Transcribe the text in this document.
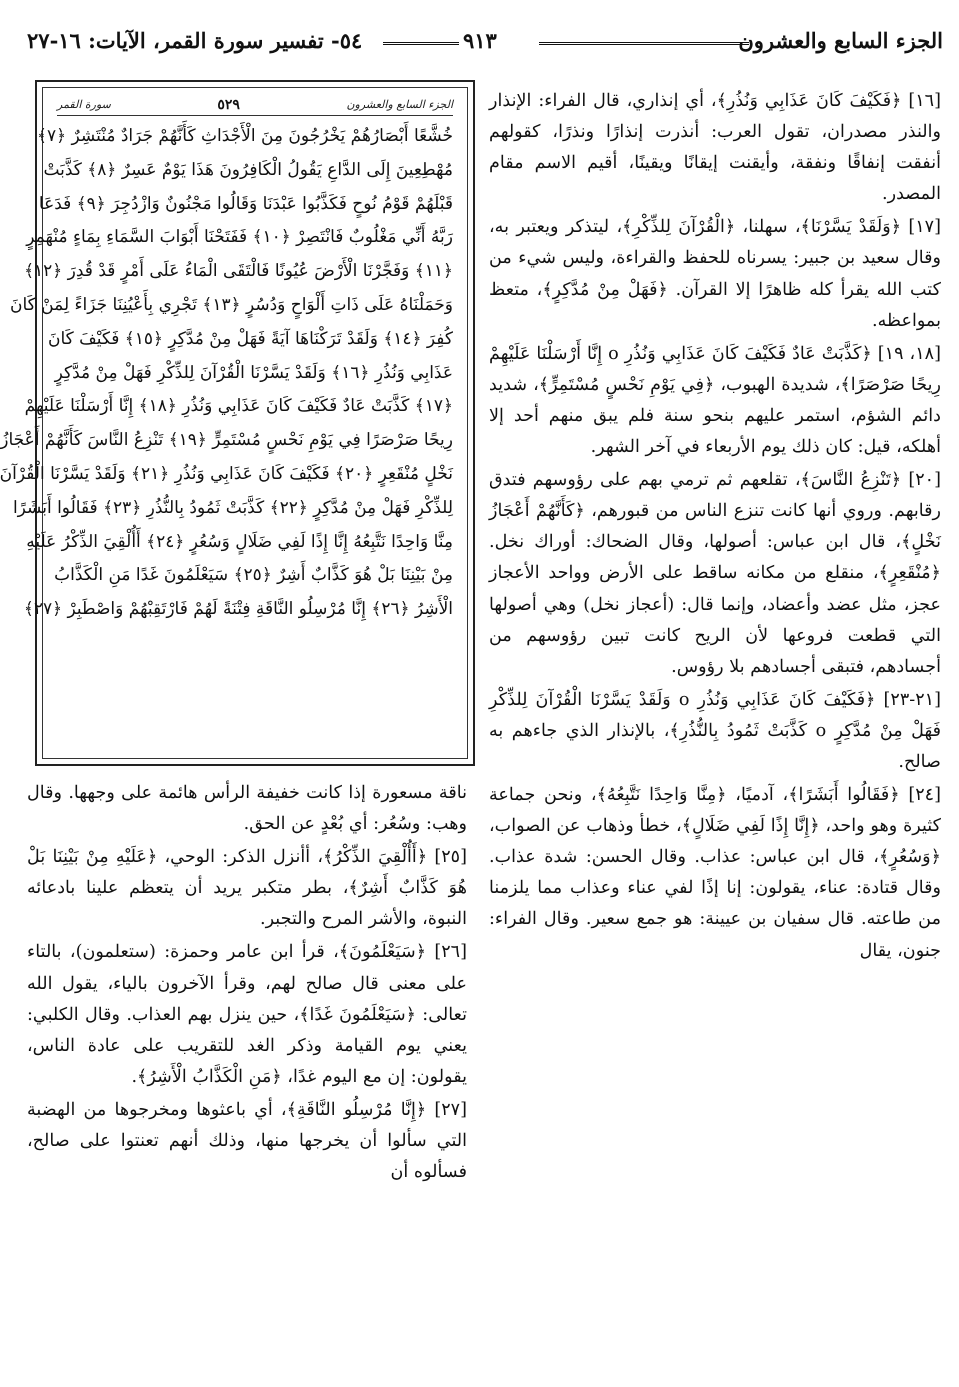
الجزء السابع والعشرون
٩١٣
٥٤- تفسير سورة القمر، الآيات: ١٦-٢٧

[١٦] ﴿فَكَيْفَ كَانَ عَذَابِي وَنُذُرِ﴾، أي إنذاري، قال الفراء: الإنذار والنذر مصدران، تقول العرب: أنذرت إنذارًا ونذرًا، كقولهم أنفقت إنفاقًا ونفقة، وأيقنت إيقانًا ويقينًا، أقيم الاسم مقام المصدر.

[١٧] ﴿وَلَقَدْ يَسَّرْنَا﴾، سهلنا، ﴿الْقُرْآنَ لِلذِّكْرِ﴾، ليتذكر ويعتبر به، وقال سعيد بن جبير: يسرناه للحفظ والقراءة، وليس شيء من كتب الله يقرأ كله ظاهرًا إلا القرآن. ﴿فَهَلْ مِنْ مُدَّكِرٍ﴾، متعظ بمواعظه.

[١٨، ١٩] ﴿كَذَّبَتْ عَادٌ فَكَيْفَ كَانَ عَذَابِي وَنُذُرِ o إِنَّا أَرْسَلْنَا عَلَيْهِمْ رِيحًا صَرْصَرًا﴾، شديدة الهبوب، ﴿فِي يَوْمِ نَحْسٍ مُسْتَمِرٍّ﴾، شديد دائم الشؤم، استمر عليهم بنحو سنة فلم يبق منهم أحد إلا أهلكه، قيل: كان ذلك يوم الأربعاء في آخر الشهر.

[٢٠] ﴿تَنْزِعُ النَّاسَ﴾، تقلعهم ثم ترمي بهم على رؤوسهم فتدق رقابهم. وروي أنها كانت تنزع الناس من قبورهم، ﴿كَأَنَّهُمْ أَعْجَازُ نَخْلٍ﴾، قال ابن عباس: أصولها، وقال الضحاك: أوراك نخل. ﴿مُنْقَعِرٍ﴾، منقلع من مكانه ساقط على الأرض وواحد الأعجاز عجز، مثل عضد وأعضاد، وإنما قال: (أعجاز نخل) وهي أصولها التي قطعت فروعها لأن الريح كانت تبين رؤوسهم من أجسادهم، فتبقى أجسادهم بلا رؤوس.

[٢١-٢٣] ﴿فَكَيْفَ كَانَ عَذَابِي وَنُذُرِ o وَلَقَدْ يَسَّرْنَا الْقُرْآنَ لِلذِّكْرِ فَهَلْ مِنْ مُدَّكِرٍ o كَذَّبَتْ ثَمُودُ بِالنُّذُرِ﴾، بالإنذار الذي جاءهم به صالح.

[٢٤] ﴿فَقَالُوا أَبَشَرًا﴾، آدميًا، ﴿مِنَّا وَاحِدًا نَتَّبِعُهُ﴾، ونحن جماعة كثيرة وهو واحد، ﴿إِنَّا إِذًا لَفِي ضَلَالٍ﴾، خطأ وذهاب عن الصواب، ﴿وَسُعُرٍ﴾، قال ابن عباس: عذاب. وقال الحسن: شدة عذاب. وقال قتادة: عناء، يقولون: إنا إذًا لفي عناء وعذاب مما يلزمنا من طاعته. قال سفيان بن عيينة: هو جمع سعير. وقال الفراء: جنون، يقال

الجزء السابع والعشرون
٥٢٩
سورة القمر
خُشَّعًا أَبْصَارُهُمْ يَخْرُجُونَ مِنَ الْأَجْدَاثِ كَأَنَّهُمْ جَرَادٌ مُنْتَشِرٌ ﴿٧﴾
مُهْطِعِينَ إِلَى الدَّاعِ يَقُولُ الْكَافِرُونَ هَذَا يَوْمٌ عَسِرٌ ﴿٨﴾ كَذَّبَتْ
قَبْلَهُمْ قَوْمُ نُوحٍ فَكَذَّبُوا عَبْدَنَا وَقَالُوا مَجْنُونٌ وَازْدُجِرَ ﴿٩﴾ فَدَعَا
رَبَّهُ أَنِّي مَغْلُوبٌ فَانْتَصِرْ ﴿١٠﴾ فَفَتَحْنَا أَبْوَابَ السَّمَاءِ بِمَاءٍ مُنْهَمِرٍ
﴿١١﴾ وَفَجَّرْنَا الْأَرْضَ عُيُونًا فَالْتَقَى الْمَاءُ عَلَى أَمْرٍ قَدْ قُدِرَ ﴿١٢﴾
وَحَمَلْنَاهُ عَلَى ذَاتِ أَلْوَاحٍ وَدُسُرٍ ﴿١٣﴾ تَجْرِي بِأَعْيُنِنَا جَزَاءً لِمَنْ كَانَ
كُفِرَ ﴿١٤﴾ وَلَقَدْ تَرَكْنَاهَا آيَةً فَهَلْ مِنْ مُدَّكِرٍ ﴿١٥﴾ فَكَيْفَ كَانَ
عَذَابِي وَنُذُرِ ﴿١٦﴾ وَلَقَدْ يَسَّرْنَا الْقُرْآنَ لِلذِّكْرِ فَهَلْ مِنْ مُدَّكِرٍ
﴿١٧﴾ كَذَّبَتْ عَادٌ فَكَيْفَ كَانَ عَذَابِي وَنُذُرِ ﴿١٨﴾ إِنَّا أَرْسَلْنَا عَلَيْهِمْ
رِيحًا صَرْصَرًا فِي يَوْمِ نَحْسٍ مُسْتَمِرٍّ ﴿١٩﴾ تَنْزِعُ النَّاسَ كَأَنَّهُمْ أَعْجَازُ
نَخْلٍ مُنْقَعِرٍ ﴿٢٠﴾ فَكَيْفَ كَانَ عَذَابِي وَنُذُرِ ﴿٢١﴾ وَلَقَدْ يَسَّرْنَا الْقُرْآنَ
لِلذِّكْرِ فَهَلْ مِنْ مُدَّكِرٍ ﴿٢٢﴾ كَذَّبَتْ ثَمُودُ بِالنُّذُرِ ﴿٢٣﴾ فَقَالُوا أَبَشَرًا
مِنَّا وَاحِدًا نَتَّبِعُهُ إِنَّا إِذًا لَفِي ضَلَالٍ وَسُعُرٍ ﴿٢٤﴾ أَأُلْقِيَ الذِّكْرُ عَلَيْهِ
مِنْ بَيْنِنَا بَلْ هُوَ كَذَّابٌ أَشِرٌ ﴿٢٥﴾ سَيَعْلَمُونَ غَدًا مَنِ الْكَذَّابُ
الْأَشِرُ ﴿٢٦﴾ إِنَّا مُرْسِلُو النَّاقَةِ فِتْنَةً لَهُمْ فَارْتَقِبْهُمْ وَاصْطَبِرْ ﴿٢٧﴾

ناقة مسعورة إذا كانت خفيفة الرأس هائمة على وجهها. وقال وهب: وسُعُر: أي بُعْدٍ عن الحق.

[٢٥] ﴿أَأُلْقِيَ الذِّكْرُ﴾، أأنزل الذكر: الوحي، ﴿عَلَيْهِ مِنْ بَيْنِنَا بَلْ هُوَ كَذَّابٌ أَشِرٌ﴾، بطر متكبر يريد أن يتعظم علينا بادعائه النبوة، والأشر المرح والتجبر.

[٢٦] ﴿سَيَعْلَمُونَ﴾، قرأ ابن عامر وحمزة: (ستعلمون)، بالتاء على معنى قال صالح لهم، وقرأ الآخرون بالياء، يقول الله تعالى: ﴿سَيَعْلَمُونَ غَدًا﴾، حين ينزل بهم العذاب. وقال الكلبي: يعني يوم القيامة وذكر الغد للتقريب على عادة الناس، يقولون: إن مع اليوم غدًا، ﴿مَنِ الْكَذَّابُ الْأَشِرُ﴾.

[٢٧] ﴿إِنَّا مُرْسِلُو النَّاقَةِ﴾، أي باعثوها ومخرجوها من الهضبة التي سألوا أن يخرجها منها، وذلك أنهم تعنتوا على صالح، فسألوه أن
